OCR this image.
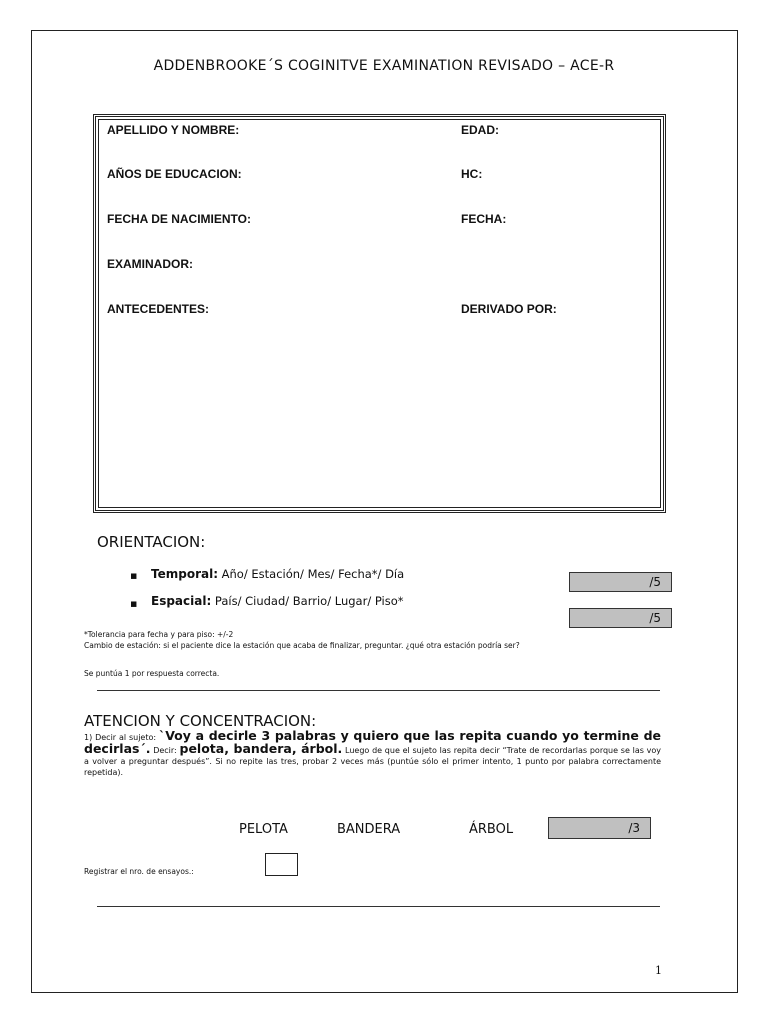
ADDENBROOKE´S COGINITVE EXAMINATION REVISADO – ACE-R
APELLIDO Y NOMBRE:	EDAD:
AÑOS DE EDUCACION:	HC:
FECHA DE NACIMIENTO:	FECHA:
EXAMINADOR:
ANTECEDENTES:	DERIVADO POR:
ORIENTACION:
▪ Temporal: Año/ Estación/ Mes/ Fecha*/ Día
/5
▪ Espacial: País/ Ciudad/ Barrio/ Lugar/ Piso*
/5
*Tolerancia para fecha y para piso: +/-2
Cambio de estación: si el paciente dice la estación que acaba de finalizar, preguntar. ¿qué otra estación podría ser?
Se puntúa 1 por respuesta correcta.
ATENCION Y CONCENTRACION:
1) Decir al sujeto: `Voy a decirle 3 palabras y quiero que las repita cuando yo termine de decirlas´. Decir: pelota, bandera, árbol. Luego de que el sujeto las repita decir “Trate de recordarlas porque se las voy a volver a preguntar después”. Si no repite las tres, probar 2 veces más (puntúe sólo el primer intento, 1 punto por palabra correctamente repetida).
PELOTA	BANDERA	ÁRBOL	/3
Registrar el nro. de ensayos.:
1
